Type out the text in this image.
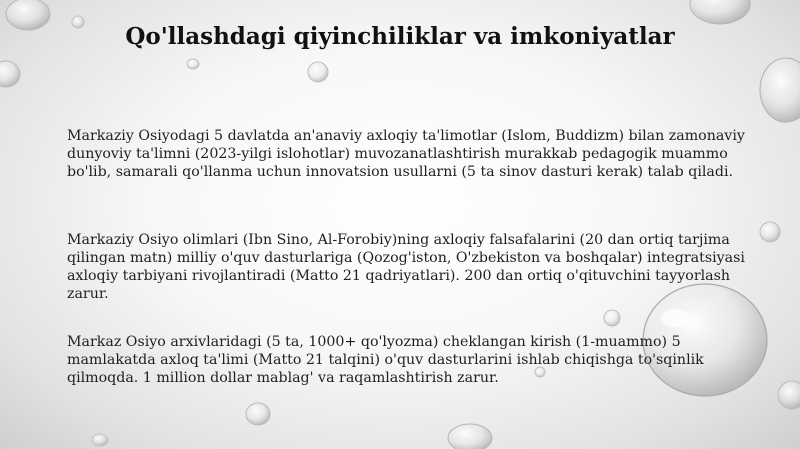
Qo'llashdagi qiyinchiliklar va imkoniyatlar

Markaziy Osiyodagi 5 davlatda an'anaviy axloqiy ta'limotlar (Islom, Buddizm) bilan zamonaviy dunyoviy ta'limni (2023-yilgi islohotlar) muvozanatlashtirish murakkab pedagogik muammo bo'lib, samarali qo'llanma uchun innovatsion usullarni (5 ta sinov dasturi kerak) talab qiladi.

Markaziy Osiyo olimlari (Ibn Sino, Al-Forobiy)ning axloqiy falsafalarini (20 dan ortiq tarjima qilingan matn) milliy o'quv dasturlariga (Qozog'iston, O'zbekiston va boshqalar) integratsiyasi axloqiy tarbiyani rivojlantiradi (Matto 21 qadriyatlari). 200 dan ortiq o'qituvchini tayyorlash zarur.

Markaz Osiyo arxivlaridagi (5 ta, 1000+ qo'lyozma) cheklangan kirish (1-muammo) 5 mamlakatda axloq ta'limi (Matto 21 talqini) o'quv dasturlarini ishlab chiqishga to'sqinlik qilmoqda. 1 million dollar mablag' va raqamlashtirish zarur.
